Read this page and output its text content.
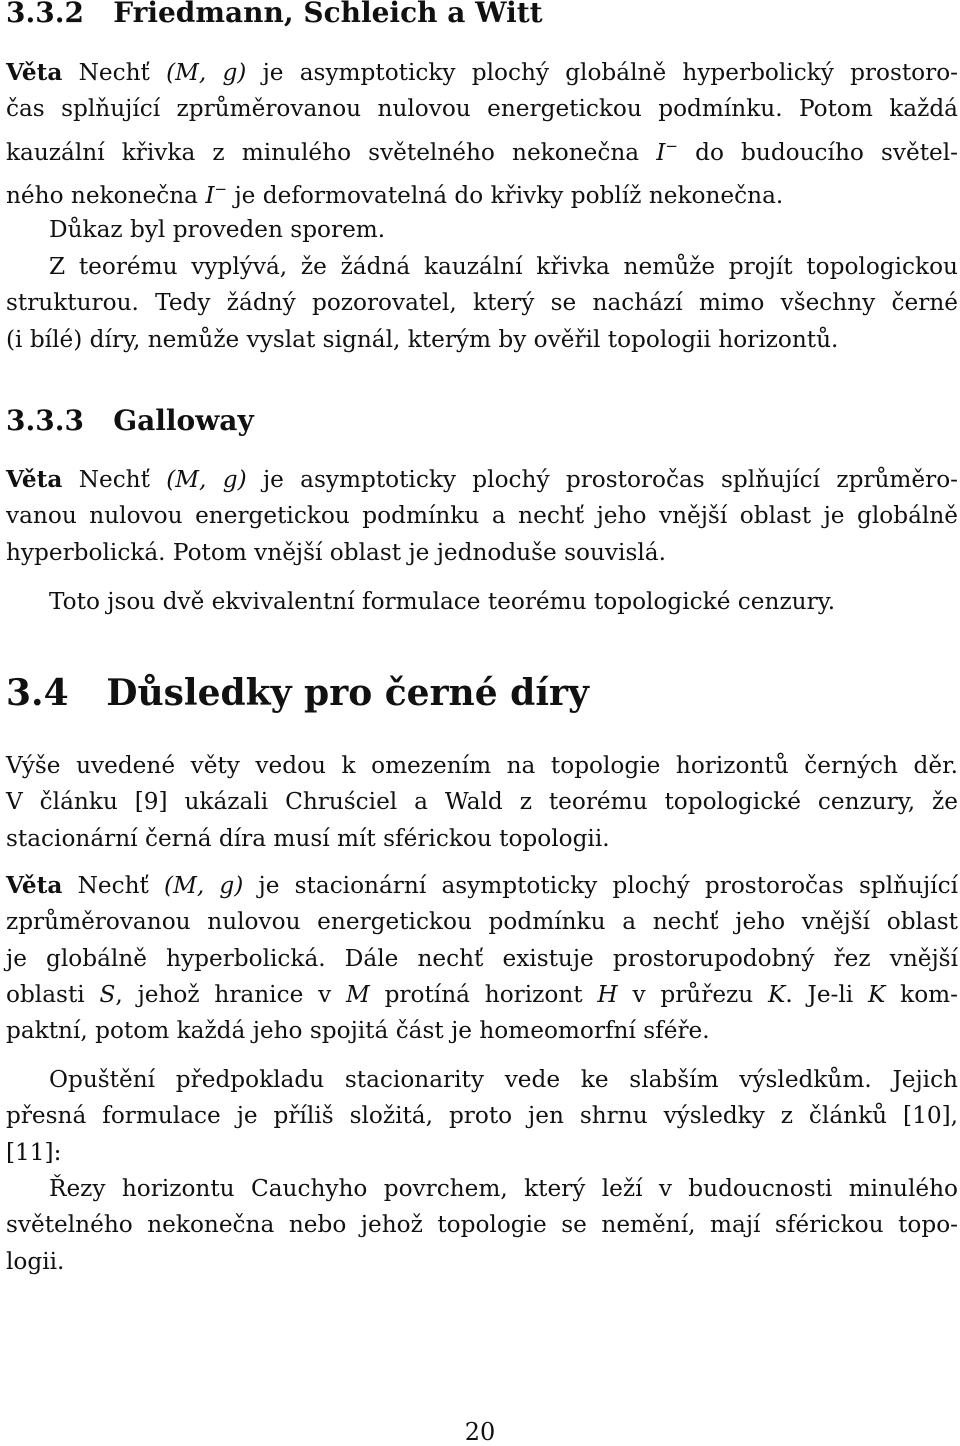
3.3.2 Friedmann, Schleich a Witt
Věta Nechť (M, g) je asymptoticky plochý globálně hyperbolický prostoro-
čas splňující zprůměrovanou nulovou energetickou podmínku. Potom každá
kauzální křivka z minulého světelného nekonečna I− do budoucího světel-
ného nekonečna I− je deformovatelná do křivky poblíž nekonečna.
Důkaz byl proveden sporem.
Z teorému vyplývá, že žádná kauzální křivka nemůže projít topologickou
strukturou. Tedy žádný pozorovatel, který se nachází mimo všechny černé
(i bílé) díry, nemůže vyslat signál, kterým by ověřil topologii horizontů.
3.3.3 Galloway
Věta Nechť (M, g) je asymptoticky plochý prostoročas splňující zprůměro-
vanou nulovou energetickou podmínku a nechť jeho vnější oblast je globálně
hyperbolická. Potom vnější oblast je jednoduše souvislá.
Toto jsou dvě ekvivalentní formulace teorému topologické cenzury.
3.4 Důsledky pro černé díry
Výše uvedené věty vedou k omezením na topologie horizontů černých děr.
V článku [9] ukázali Chruściel a Wald z teorému topologické cenzury, že
stacionární černá díra musí mít sférickou topologii.
Věta Nechť (M, g) je stacionární asymptoticky plochý prostoročas splňující
zprůměrovanou nulovou energetickou podmínku a nechť jeho vnější oblast
je globálně hyperbolická. Dále nechť existuje prostorupodobný řez vnější
oblasti S, jehož hranice v M protíná horizont H v průřezu K. Je-li K kom-
paktní, potom každá jeho spojitá část je homeomorfní sféře.
Opuštění předpokladu stacionarity vede ke slabším výsledkům. Jejich
přesná formulace je příliš složitá, proto jen shrnu výsledky z článků [10],
[11]:
Řezy horizontu Cauchyho povrchem, který leží v budoucnosti minulého
světelného nekonečna nebo jehož topologie se nemění, mají sférickou topo-
logii.
20
